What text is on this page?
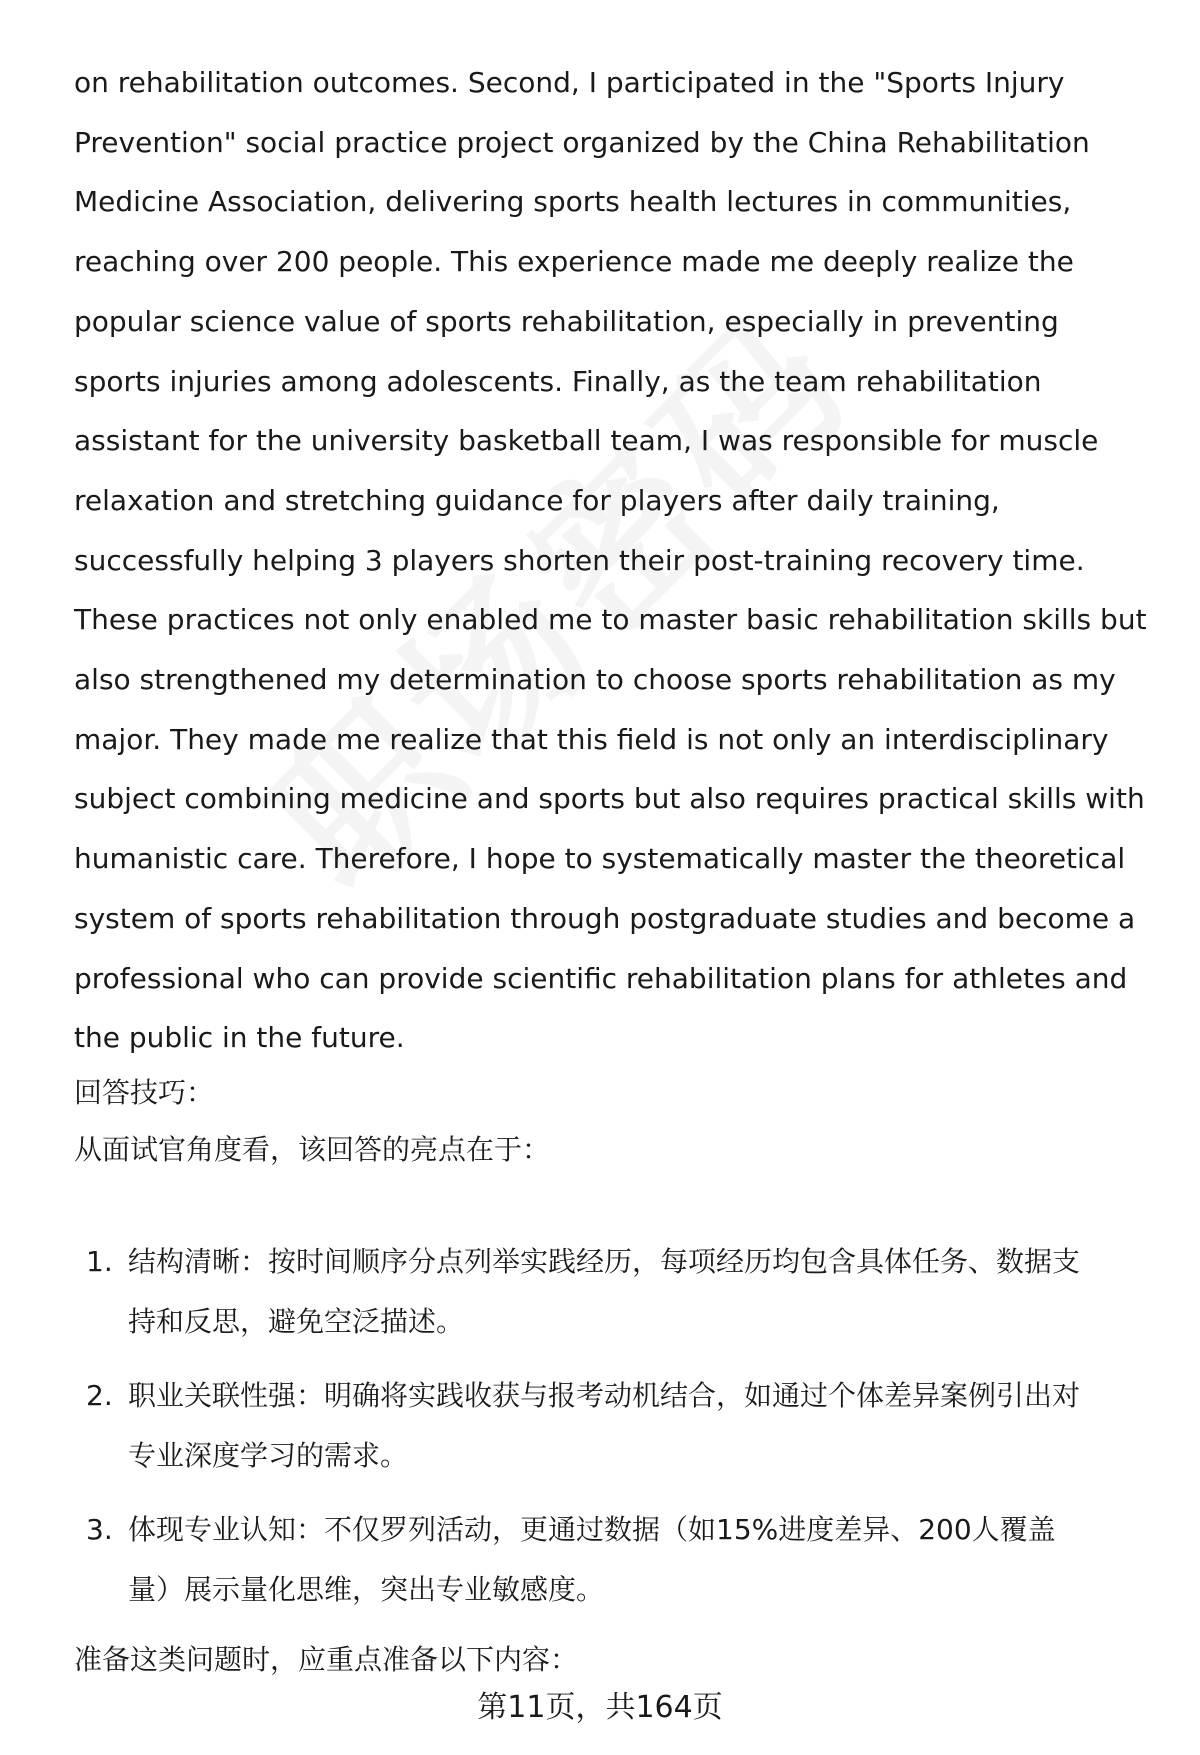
on rehabilitation outcomes. Second, I participated in the "Sports Injury
Prevention" social practice project organized by the China Rehabilitation
Medicine Association, delivering sports health lectures in communities,
reaching over 200 people. This experience made me deeply realize the
popular science value of sports rehabilitation, especially in preventing
sports injuries among adolescents. Finally, as the team rehabilitation
assistant for the university basketball team, I was responsible for muscle
relaxation and stretching guidance for players after daily training,
successfully helping 3 players shorten their post-training recovery time.
These practices not only enabled me to master basic rehabilitation skills but
also strengthened my determination to choose sports rehabilitation as my
major. They made me realize that this field is not only an interdisciplinary
subject combining medicine and sports but also requires practical skills with
humanistic care. Therefore, I hope to systematically master the theoretical
system of sports rehabilitation through postgraduate studies and become a
professional who can provide scientific rehabilitation plans for athletes and
the public in the future.

回答技巧：

从面试官角度看，该回答的亮点在于：

1. 结构清晰：按时间顺序分点列举实践经历，每项经历均包含具体任务、数据支
持和反思，避免空泛描述。
2. 职业关联性强：明确将实践收获与报考动机结合，如通过个体差异案例引出对
专业深度学习的需求。
3. 体现专业认知：不仅罗列活动，更通过数据（如15%进度差异、200人覆盖
量）展示量化思维，突出专业敏感度。

准备这类问题时，应重点准备以下内容：

第11页，共164页
